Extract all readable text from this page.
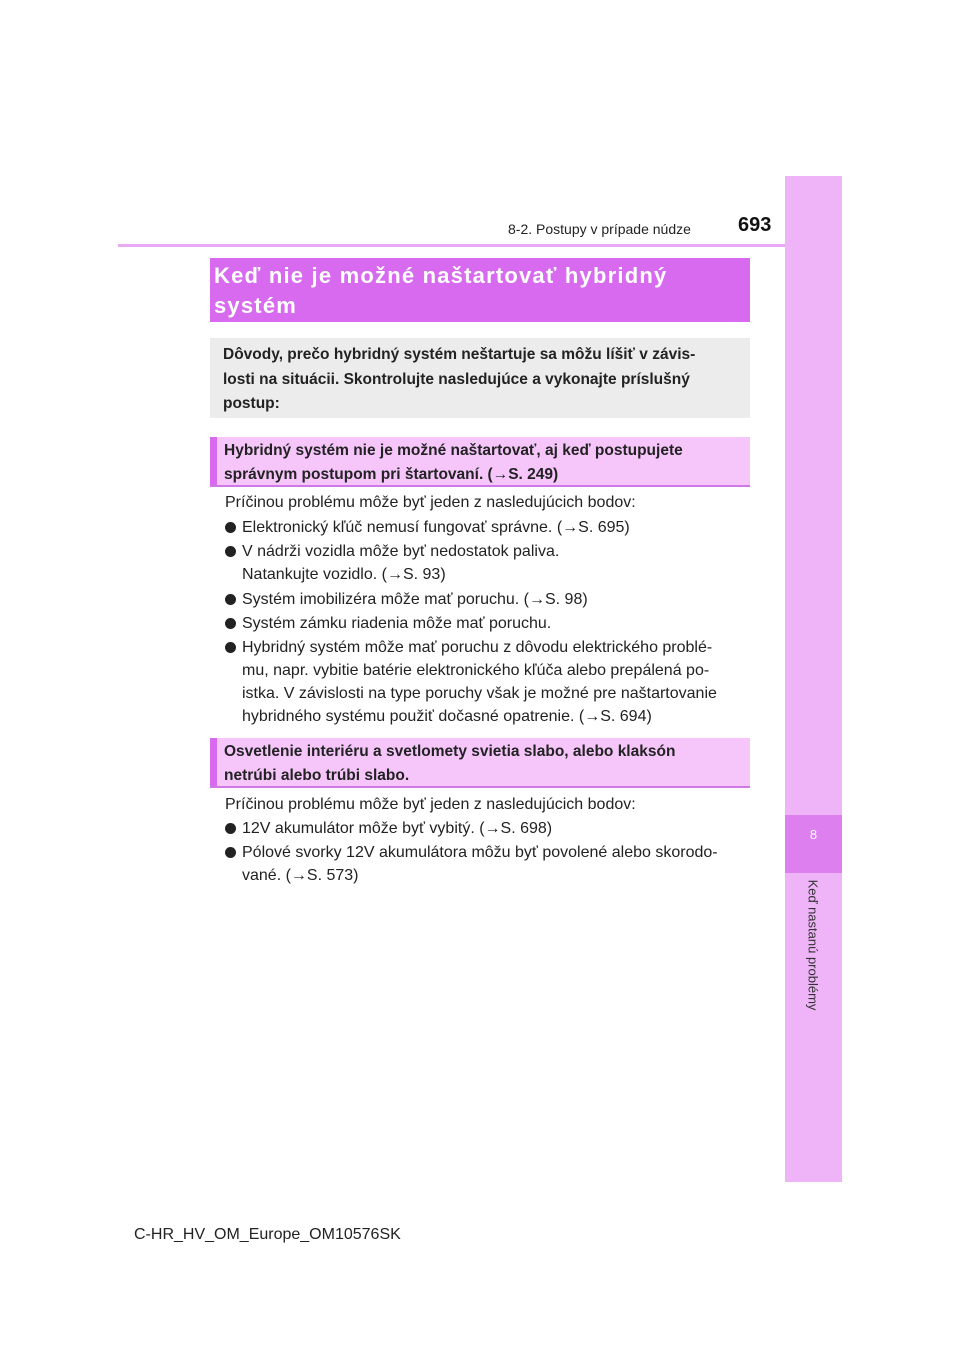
8-2. Postupy v prípade núdze 693
8
Keď nastanú problémy
Keď nie je možné naštartovať hybridný
systém
Dôvody, prečo hybridný systém neštartuje sa môžu líšiť v závis-
losti na situácii. Skontrolujte nasledujúce a vykonajte príslušný
postup:
Hybridný systém nie je možné naštartovať, aj keď postupujete
správnym postupom pri štartovaní. (→S. 249)
Príčinou problému môže byť jeden z nasledujúcich bodov:
Elektronický kľúč nemusí fungovať správne. (→S. 695)
V nádrži vozidla môže byť nedostatok paliva.
Natankujte vozidlo. (→S. 93)
Systém imobilizéra môže mať poruchu. (→S. 98)
Systém zámku riadenia môže mať poruchu.
Hybridný systém môže mať poruchu z dôvodu elektrického problé-
mu, napr. vybitie batérie elektronického kľúča alebo prepálená po-
istka. V závislosti na type poruchy však je možné pre naštartovanie
hybridného systému použiť dočasné opatrenie. (→S. 694)
Osvetlenie interiéru a svetlomety svietia slabo, alebo klaksón
netrúbi alebo trúbi slabo.
Príčinou problému môže byť jeden z nasledujúcich bodov:
12V akumulátor môže byť vybitý. (→S. 698)
Pólové svorky 12V akumulátora môžu byť povolené alebo skorodo-
vané. (→S. 573)
C-HR_HV_OM_Europe_OM10576SK
